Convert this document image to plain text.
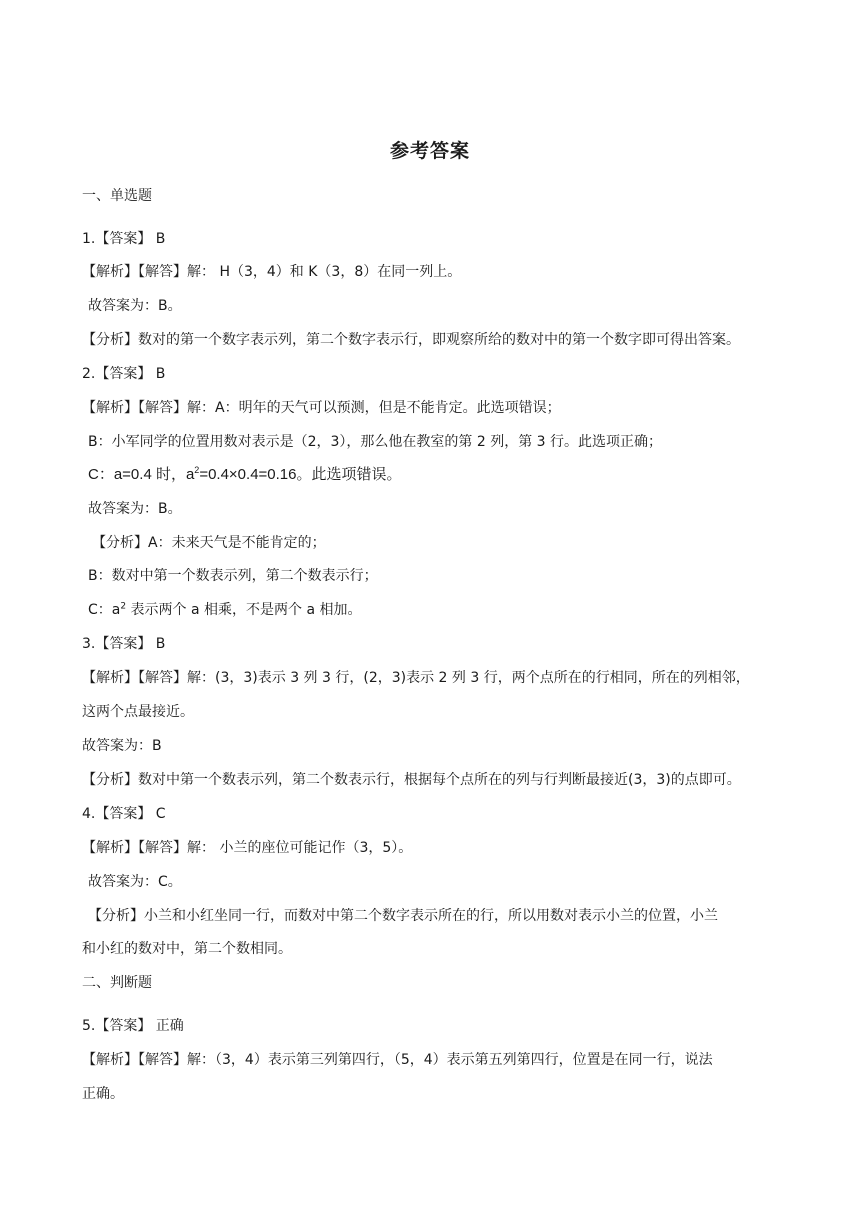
参考答案
一、单选题
1.【答案】 B
【解析】【解答】解： H（3，4）和 K（3，8）在同一列上。
故答案为：B。
【分析】数对的第一个数字表示列，第二个数字表示行，即观察所给的数对中的第一个数字即可得出答案。
2.【答案】 B
【解析】【解答】解：A：明年的天气可以预测，但是不能肯定。此选项错误；
B：小军同学的位置用数对表示是（2，3），那么他在教室的第 2 列，第 3 行。此选项正确；
C：a=0.4 时，$a^2=0.4\times 0.4=0.16$。此选项错误。
故答案为：B。
【分析】A：未来天气是不能肯定的；
B：数对中第一个数表示列，第二个数表示行；
C：$a^2$ 表示两个 a 相乘，不是两个 a 相加。
3.【答案】 B
【解析】【解答】解：(3，3)表示 3 列 3 行，(2，3)表示 2 列 3 行，两个点所在的行相同，所在的列相邻，
这两个点最接近。
故答案为：B
【分析】数对中第一个数表示列，第二个数表示行，根据每个点所在的列与行判断最接近(3，3)的点即可。
4.【答案】 C
【解析】【解答】解： 小兰的座位可能记作（3，5）。
故答案为：C。
【分析】小兰和小红坐同一行，而数对中第二个数字表示所在的行，所以用数对表示小兰的位置，小兰
和小红的数对中，第二个数相同。
二、判断题
5.【答案】 正确
【解析】【解答】解：（3，4）表示第三列第四行，（5，4）表示第五列第四行，位置是在同一行，说法
正确。
